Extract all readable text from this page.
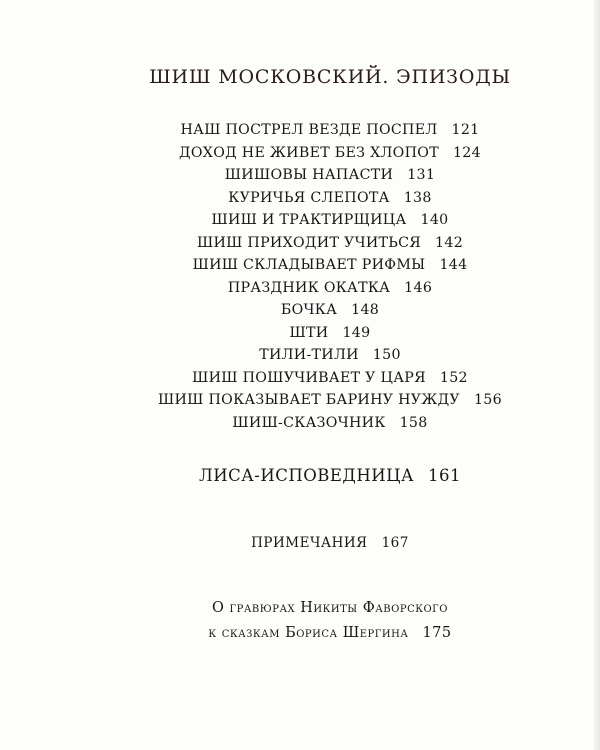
ШИШ МОСКОВСКИЙ. ЭПИЗОДЫ
НАШ ПОСТРЕЛ ВЕЗДЕ ПОСПЕЛ 121
ДОХОД НЕ ЖИВЕТ БЕЗ ХЛОПОТ 124
ШИШОВЫ НАПАСТИ 131
КУРИЧЬЯ СЛЕПОТА 138
ШИШ И ТРАКТИРЩИЦА 140
ШИШ ПРИХОДИТ УЧИТЬСЯ 142
ШИШ СКЛАДЫВАЕТ РИФМЫ 144
ПРАЗДНИК ОКАТКА 146
БОЧКА 148
ШТИ 149
ТИЛИ-ТИЛИ 150
ШИШ ПОШУЧИВАЕТ У ЦАРЯ 152
ШИШ ПОКАЗЫВАЕТ БАРИНУ НУЖДУ 156
ШИШ-СКАЗОЧНИК 158
ЛИСА-ИСПОВЕДНИЦА 161
ПРИМЕЧАНИЯ 167
О гравюрах Никиты Фаворского
к сказкам Бориса Шергина 175
